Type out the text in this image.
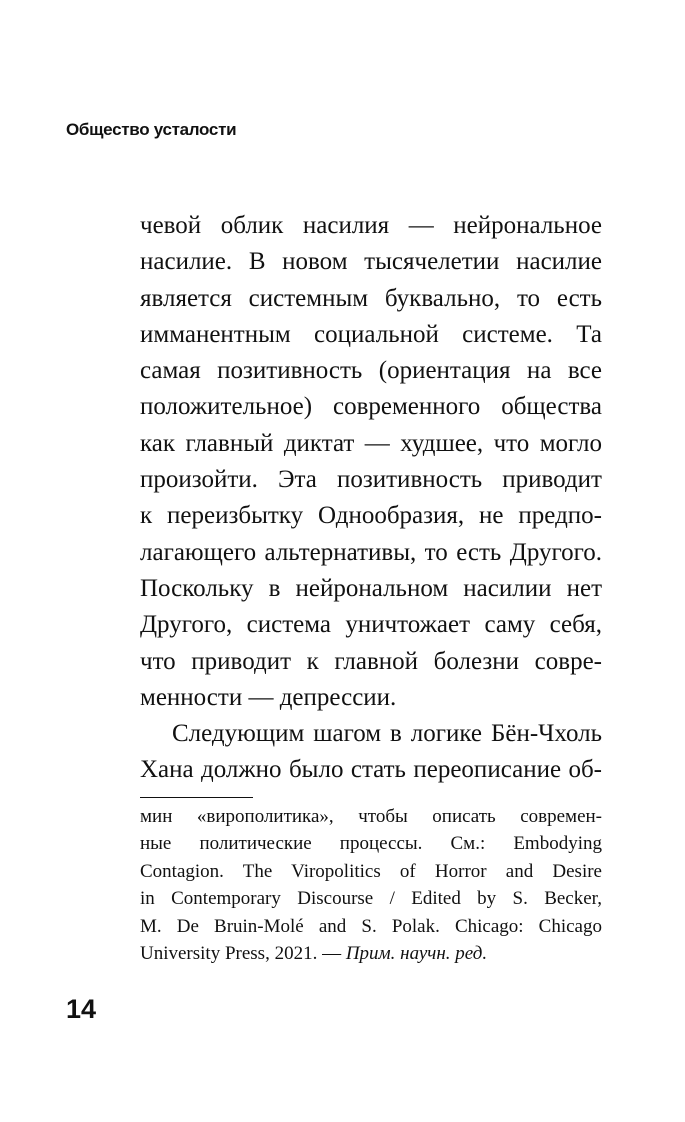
Общество усталости
чевой облик насилия — нейрональное
насилие. В новом тысячелетии насилие
является системным буквально, то есть
имманентным социальной системе. Та
самая позитивность (ориентация на все
положительное) современного общества
как главный диктат — худшее, что могло
произойти. Эта позитивность приводит
к переизбытку Однообразия, не предпо-
лагающего альтернативы, то есть Другого.
Поскольку в нейрональном насилии нет
Другого, система уничтожает саму себя,
что приводит к главной болезни совре-
менности — депрессии.
Следующим шагом в логике Бён-Чхоль
Хана должно было стать переописание об-
мин «вирополитика», чтобы описать современ-
ные политические процессы. См.: Embodying
Contagion. The Viropolitics of Horror and Desire
in Contemporary Discourse / Edited by S. Becker,
M. De Bruin-Molé and S. Polak. Chicago: Chicago
University Press, 2021. — Прим. научн. ред.
14
